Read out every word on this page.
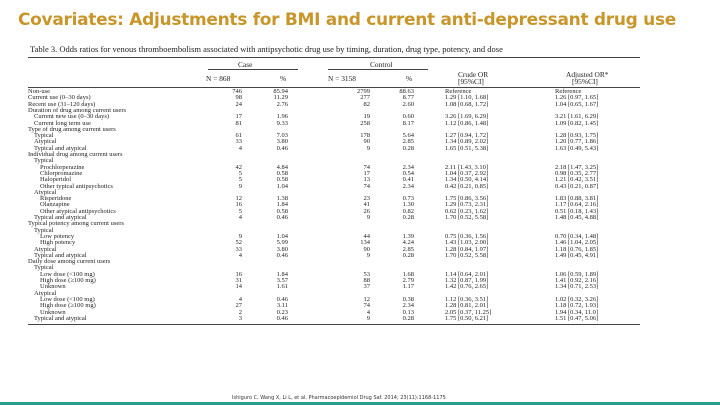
Covariates: Adjustments for BMI and current anti-depressant drug use
Table 3. Odds ratios for venous thromboembolism associated with antipsychotic drug use by timing, duration, drug type, potency, and dose
Case	Control
N = 868	%	N = 3158	%	Crude OR
[95%CI]
Adjusted OR*
[95%CI]
Non-use	746	85.94	2799	88.63	Reference	Reference
Current use (0–30 days)	98	11.29	277	8.77	1.29 [1.10, 1.68]	1.26 [0.97, 1.65]
Recent use (31–120 days)	24	2.76	82	2.60	1.08 [0.68, 1.72]	1.04 [0.65, 1.67]
Duration of drug among current users
Current new use (0–30 days)	17	1.96	19	0.60	3.26 [1.69, 6.29]	3.21 [1.61, 6.29]
Current long term use	81	9.33	258	8.17	1.12 [0.86, 1.48]	1.09 [0.82, 1.45]
Type of drug among current users
Typical	61	7.03	178	5.64	1.27 [0.94, 1.72]	1.28 [0.93, 1.75]
Atypical	33	3.80	90	2.85	1.34 [0.89, 2.02]	1.20 [0.77, 1.86]
Typical and atypical	4	0.46	9	0.28	1.65 [0.51, 5.38]	1.63 [0.49, 5.43]
Individual drug among current users
Typical
Prochlorperazine	42	4.84	74	2.34	2.11 [1.43, 3.10]	2.18 [1.47, 3.25]
Chlorpromazine	5	0.58	17	0.54	1.04 [0.37, 2.92]	0.98 [0.35, 2.77]
Haloperidol	5	0.58	13	0.41	1.34 [0.50, 4.14]	1.21 [0.42, 3.51]
Other typical antipsychotics	9	1.04	74	2.34	0.42 [0.21, 0.85]	0.43 [0.21, 0.87]
Atypical
Risperidone	12	1.38	23	0.73	1.75 [0.86, 3.56]	1.83 [0.88, 3.81]
Olanzapine	16	1.84	41	1.30	1.29 [0.73, 2.31]	1.17 [0.64, 2.16]
Other atypical antipsychotics	5	0.58	26	0.82	0.62 [0.23, 1.62]	0.51 [0.18, 1.43]
Typical and atypical	4	0.46	9	0.28	1.70 [0.52, 5.58]	1.48 [0.45, 4.88]
Typical potency among current users
Typical
Low potency	9	1.04	44	1.39	0.75 [0.36, 1.56]	0.70 [0.34, 1.48]
High potency	52	5.99	134	4.24	1.43 [1.03, 2.00]	1.46 [1.04, 2.05]
Atypical	33	3.80	90	2.85	1.28 [0.84, 1.97]	1.18 [0.76, 1.85]
Typical and atypical	4	0.46	9	0.28	1.70 [0.52, 5.58]	1.49 [0.45, 4.91]
Daily dose among current users
Typical
Low dose (<100 mg)	16	1.84	53	1.68	1.14 [0.64, 2.01]	1.06 [0.59, 1.89]
High dose (≥100 mg)	31	3.57	88	2.79	1.32 [0.87, 1.99]	1.41 [0.92, 2.16]
Unknown	14	1.61	37	1.17	1.42 [0.76, 2.65]	1.34 [0.71, 2.53]
Atypical
Low dose (<100 mg)	4	0.46	12	0.38	1.12 [0.36, 3.51]	1.02 [0.32, 3.26]
High dose (≥100 mg)	27	3.11	74	2.34	1.28 [0.81, 2.01]	1.18 [0.72, 1.93]
Unknown	2	0.23	4	0.13	2.05 [0.37, 11.25]	1.94 [0.34, 11.0]
Typical and atypical	3	0.46	9	0.28	1.75 [0.50, 6.21]	1.51 [0.47, 5.06]
Ishiguro C, Wang X, Li L, et al. Pharmacoepidemiol Drug Saf. 2014; 23(11):1168-1175
